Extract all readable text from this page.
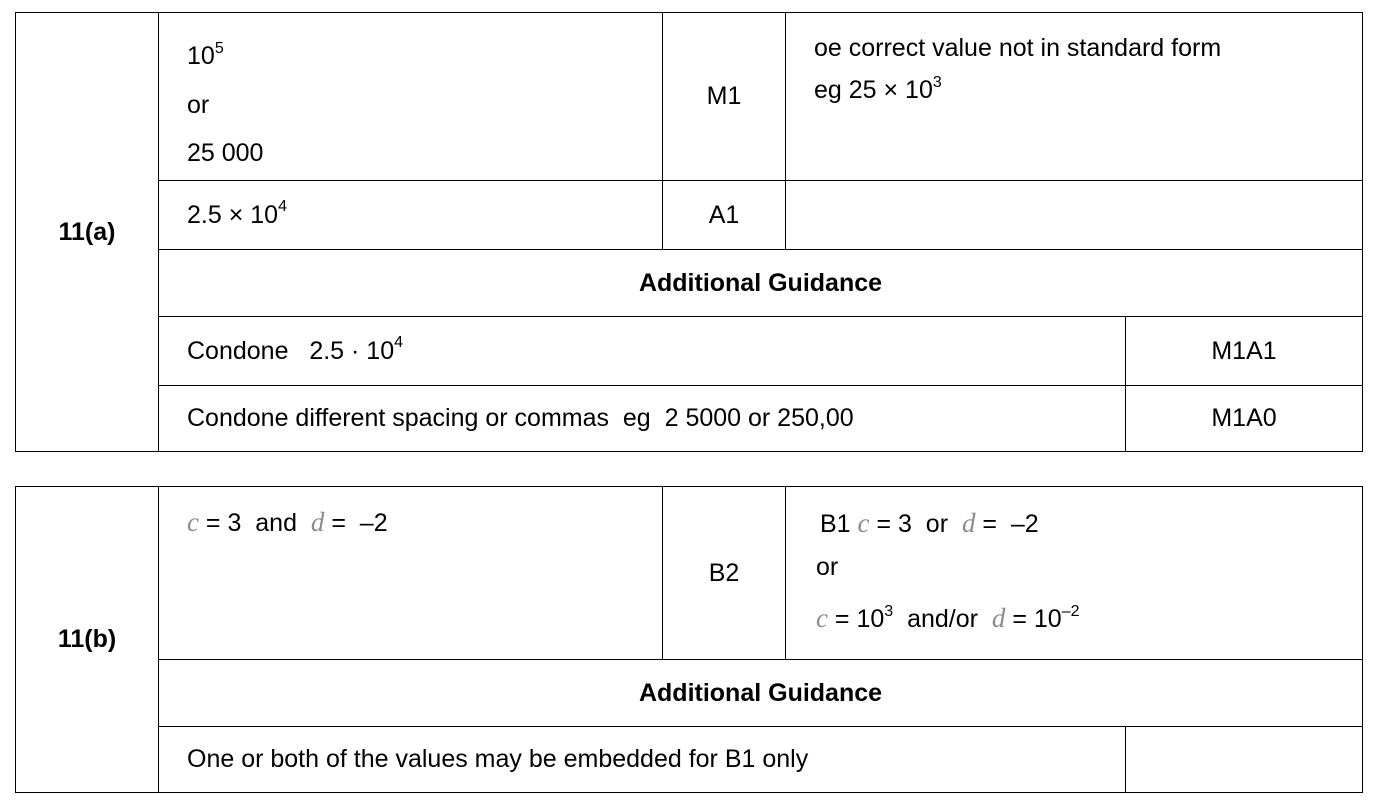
11(a)	$10^5$
or
25 000	M1	oe correct value not in standard form
eg $25 \times 10^3$

	$2.5 \times 10^4$	A1		
	Additional Guidance			
	Condone   $2.5 \cdot 10^4$			M1A1
	Condone different spacing or commas  eg  2 5000 or 250,00			M1A0
11(b)	c = 3  and  d =  –2	B2	B1 c = 3  or  d =  –2
or
$c = 10^3$  and/or  $d = 10^{-2}$

	Additional Guidance			
	One or both of the values may be embedded for B1 only			
